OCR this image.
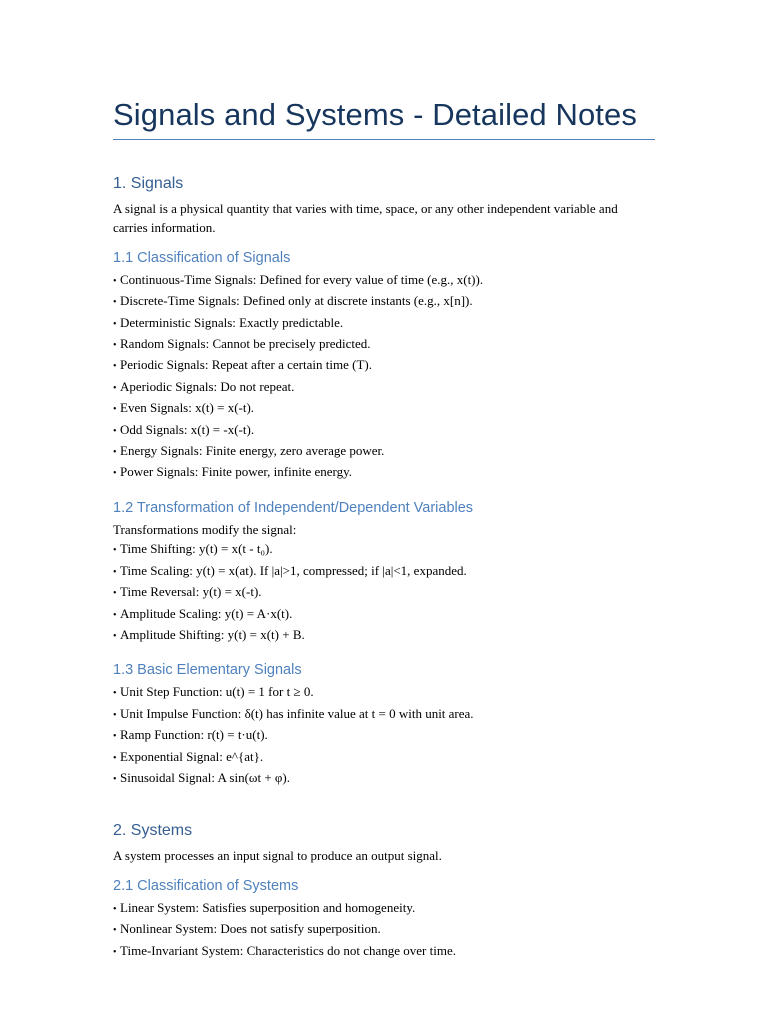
Signals and Systems - Detailed Notes
1. Signals

A signal is a physical quantity that varies with time, space, or any other independent variable and carries information.

1.1 Classification of Signals
• Continuous-Time Signals: Defined for every value of time (e.g., x(t)).
• Discrete-Time Signals: Defined only at discrete instants (e.g., x[n]).
• Deterministic Signals: Exactly predictable.
• Random Signals: Cannot be precisely predicted.
• Periodic Signals: Repeat after a certain time (T).
• Aperiodic Signals: Do not repeat.
• Even Signals: x(t) = x(-t).
• Odd Signals: x(t) = -x(-t).
• Energy Signals: Finite energy, zero average power.
• Power Signals: Finite power, infinite energy.
1.2 Transformation of Independent/Dependent Variables

Transformations modify the signal:

• Time Shifting: y(t) = x(t - t₀).
• Time Scaling: y(t) = x(at). If |a|>1, compressed; if |a|<1, expanded.
• Time Reversal: y(t) = x(-t).
• Amplitude Scaling: y(t) = A·x(t).
• Amplitude Shifting: y(t) = x(t) + B.
1.3 Basic Elementary Signals
• Unit Step Function: u(t) = 1 for t ≥ 0.
• Unit Impulse Function: δ(t) has infinite value at t = 0 with unit area.
• Ramp Function: r(t) = t·u(t).
• Exponential Signal: e^{at}.
• Sinusoidal Signal: A sin(ωt + φ).
2. Systems

A system processes an input signal to produce an output signal.

2.1 Classification of Systems
• Linear System: Satisfies superposition and homogeneity.
• Nonlinear System: Does not satisfy superposition.
• Time-Invariant System: Characteristics do not change over time.
